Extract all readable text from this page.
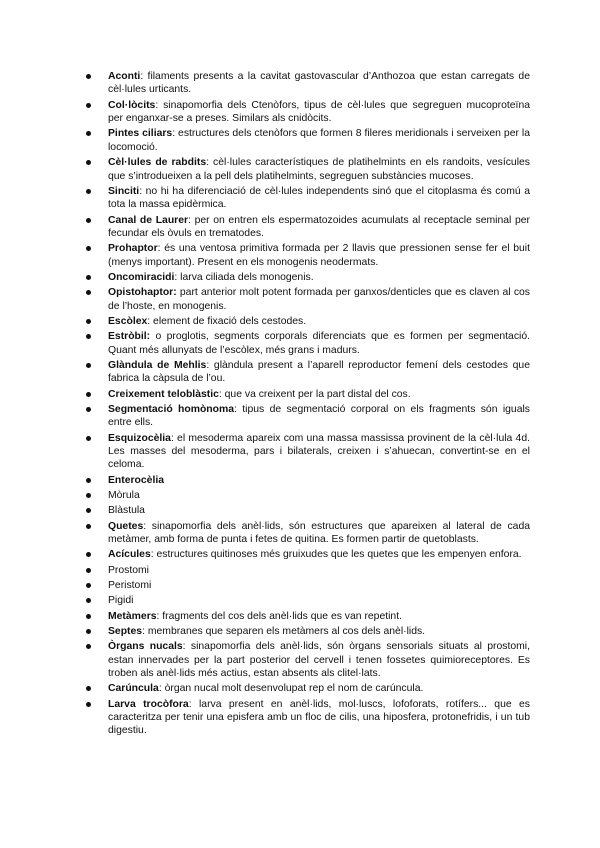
Aconti: filaments presents a la cavitat gastovascular d’Anthozoa que estan carregats de cèl·lules urticants.
Col·lòcits: sinapomorfia dels Ctenòfors, tipus de cèl·lules que segreguen mucoproteïna per enganxar-se a preses. Similars als cnidòcits.
Pintes ciliars: estructures dels ctenòfors que formen 8 fileres meridionals i serveixen per la locomoció.
Cèl·lules de rabdits: cèl·lules característiques de platihelmints en els randoits, vesícules que s’introdueixen a la pell dels platihelmints, segreguen substàncies mucoses.
Sinciti: no hi ha diferenciació de cèl·lules independents sinó que el citoplasma és comú a tota la massa epidèrmica.
Canal de Laurer: per on entren els espermatozoides acumulats al receptacle seminal per fecundar els òvuls en trematodes.
Prohaptor: és una ventosa primitiva formada per 2 llavis que pressionen sense fer el buit (menys important). Present en els monogenis neodermats.
Oncomiracidi: larva ciliada dels monogenis.
Opistohaptor: part anterior molt potent formada per ganxos/denticles que es claven al cos de l’hoste, en monogenis.
Escòlex: element de fixació dels cestodes.
Estròbil: o proglotis, segments corporals diferenciats que es formen per segmentació. Quant més allunyats de l’escòlex, més grans i madurs.
Glàndula de Mehlis: glàndula present a l’aparell reproductor femení dels cestodes que fabrica la càpsula de l’ou.
Creixement teloblàstic: que va creixent per la part distal del cos.
Segmentació homònoma: tipus de segmentació corporal on els fragments són iguals entre ells.
Esquizocèlia: el mesoderma apareix com una massa massissa provinent de la cèl·lula 4d. Les masses del mesoderma, pars i bilaterals, creixen i s’ahuecan, convertint-se en el celoma.
Enterocèlia
Mòrula
Blàstula
Quetes: sinapomorfia dels anèl·lids, són estructures que apareixen al lateral de cada metàmer, amb forma de punta i fetes de quitina. Es formen partir de quetoblasts.
Acícules: estructures quitinoses més gruixudes que les quetes que les empenyen enfora.
Prostomi
Peristomi
Pigidi
Metàmers: fragments del cos dels anèl·lids que es van repetint.
Septes: membranes que separen els metàmers al cos dels anèl·lids.
Òrgans nucals: sinapomorfia dels anèl·lids, són òrgans sensorials situats al prostomi, estan innervades per la part posterior del cervell i tenen fossetes quimioreceptores. Es troben als anèl·lids més actius, estan absents als clitel·lats.
Carúncula: òrgan nucal molt desenvolupat rep el nom de carúncula.
Larva trocòfora: larva present en anèl·lids, mol·luscs, lofoforats, rotífers... que es caracteritza per tenir una episfera amb un floc de cilis, una hiposfera, protonefridis, i un tub digestiu.
